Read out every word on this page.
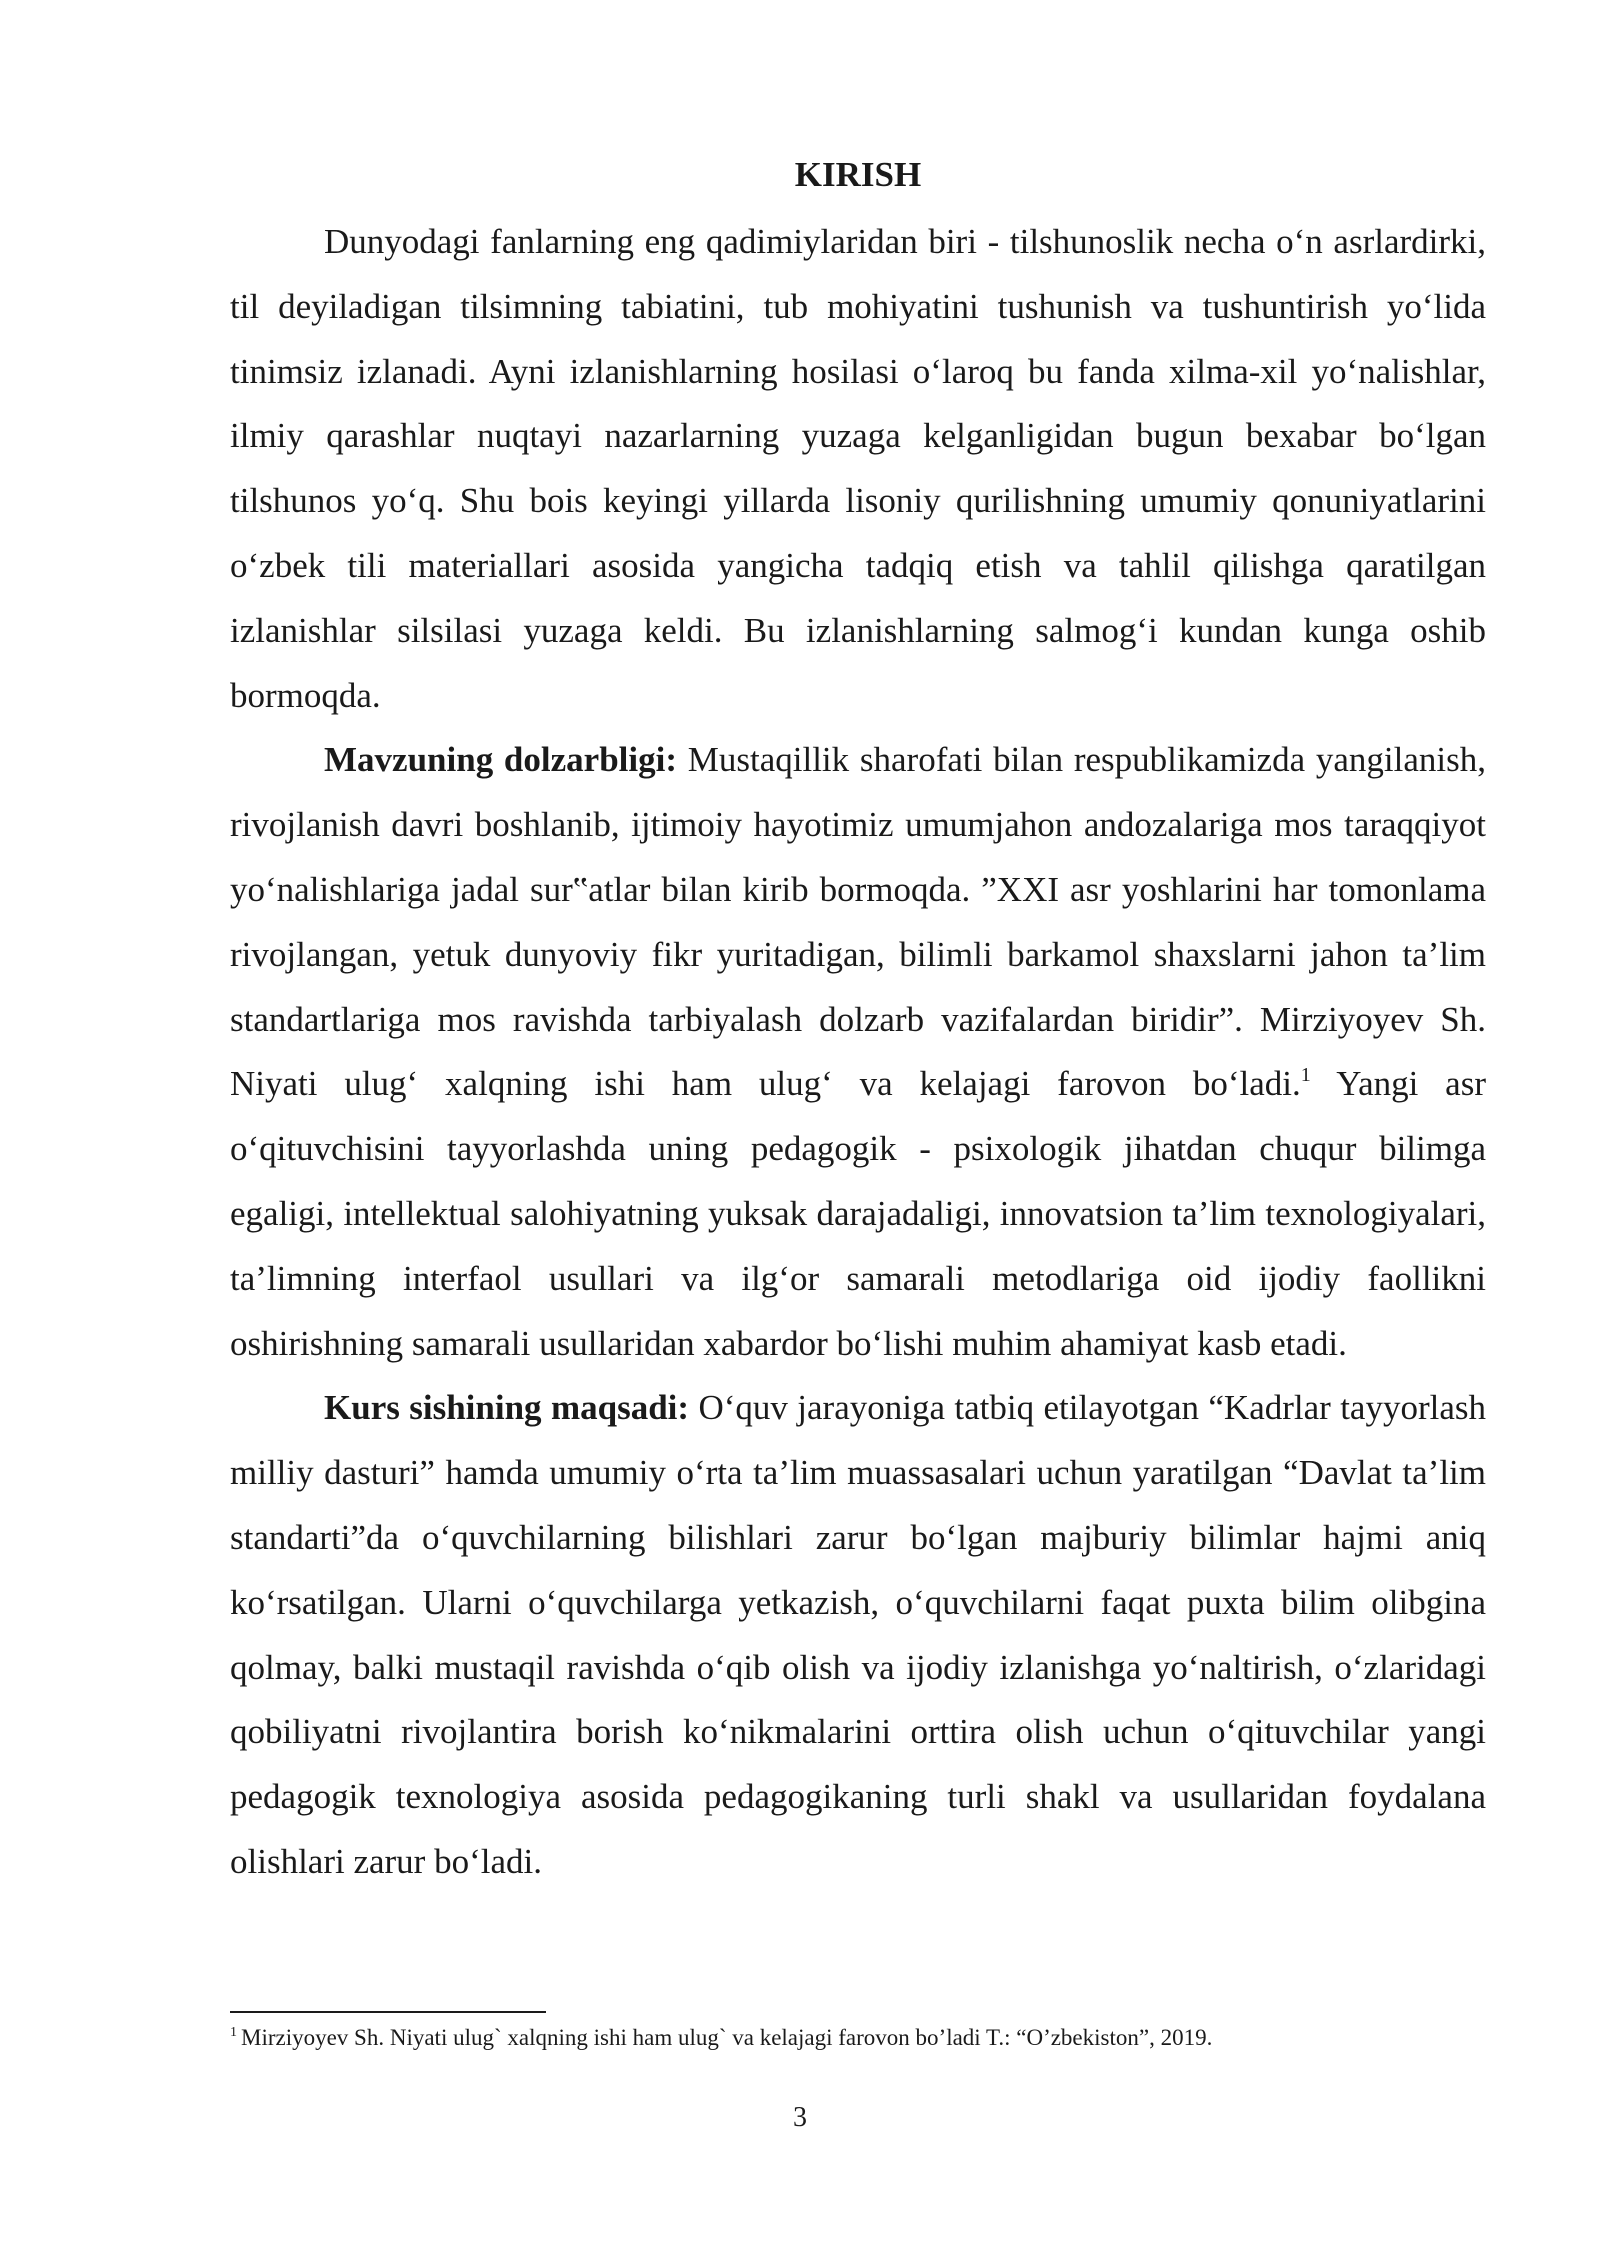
KIRISH

Dunyodagi fanlarning eng qadimiylaridan biri - tilshunoslik necha o‘n asrlardirki, til deyiladigan tilsimning tabiatini, tub mohiyatini tushunish va tushuntirish yo‘lida tinimsiz izlanadi. Ayni izlanishlarning hosilasi o‘laroq bu fanda xilma-xil yo‘nalishlar, ilmiy qarashlar nuqtayi nazarlarning yuzaga kelganligidan bugun bexabar bo‘lgan tilshunos yo‘q. Shu bois keyingi yillarda lisoniy qurilishning umumiy qonuniyatlarini o‘zbek tili materiallari asosida yangicha tadqiq etish va tahlil qilishga qaratilgan izlanishlar silsilasi yuzaga keldi. Bu izlanishlarning salmog‘i kundan kunga oshib bormoqda.

Mavzuning dolzarbligi: Mustaqillik sharofati bilan respublikamizda yangilanish, rivojlanish davri boshlanib, ijtimoiy hayotimiz umumjahon andozalariga mos taraqqiyot yo‘nalishlariga jadal sur‟atlar bilan kirib bormoqda. ”XXI asr yoshlarini har tomonlama rivojlangan, yetuk dunyoviy fikr yuritadigan, bilimli barkamol shaxslarni jahon ta’lim standartlariga mos ravishda tarbiyalash dolzarb vazifalardan biridir”. Mirziyoyev Sh. Niyati ulug‘ xalqning ishi ham ulug‘ va kelajagi farovon bo‘ladi.$^1$ Yangi asr o‘qituvchisini tayyorlashda uning pedagogik - psixologik jihatdan chuqur bilimga egaligi, intellektual salohiyatning yuksak darajadaligi, innovatsion ta’lim texnologiyalari, ta’limning interfaol usullari va ilg‘or samarali metodlariga oid ijodiy faollikni oshirishning samarali usullaridan xabardor bo‘lishi muhim ahamiyat kasb etadi.

Kurs sishining maqsadi: O‘quv jarayoniga tatbiq etilayotgan “Kadrlar tayyorlash milliy dasturi” hamda umumiy o‘rta ta’lim muassasalari uchun yaratilgan “Davlat ta’lim standarti”da o‘quvchilarning bilishlari zarur bo‘lgan majburiy bilimlar hajmi aniq ko‘rsatilgan. Ularni o‘quvchilarga yetkazish, o‘quvchilarni faqat puxta bilim olibgina qolmay, balki mustaqil ravishda o‘qib olish va ijodiy izlanishga yo‘naltirish, o‘zlaridagi qobiliyatni rivojlantira borish ko‘nikmalarini orttira olish uchun o‘qituvchilar yangi pedagogik texnologiya asosida pedagogikaning turli shakl va usullaridan foydalana olishlari zarur bo‘ladi.

$^1$ Mirziyoyev Sh. Niyati ulug` xalqning ishi ham ulug` va kelajagi farovon bo’ladi T.: “O’zbekiston”, 2019.

3
